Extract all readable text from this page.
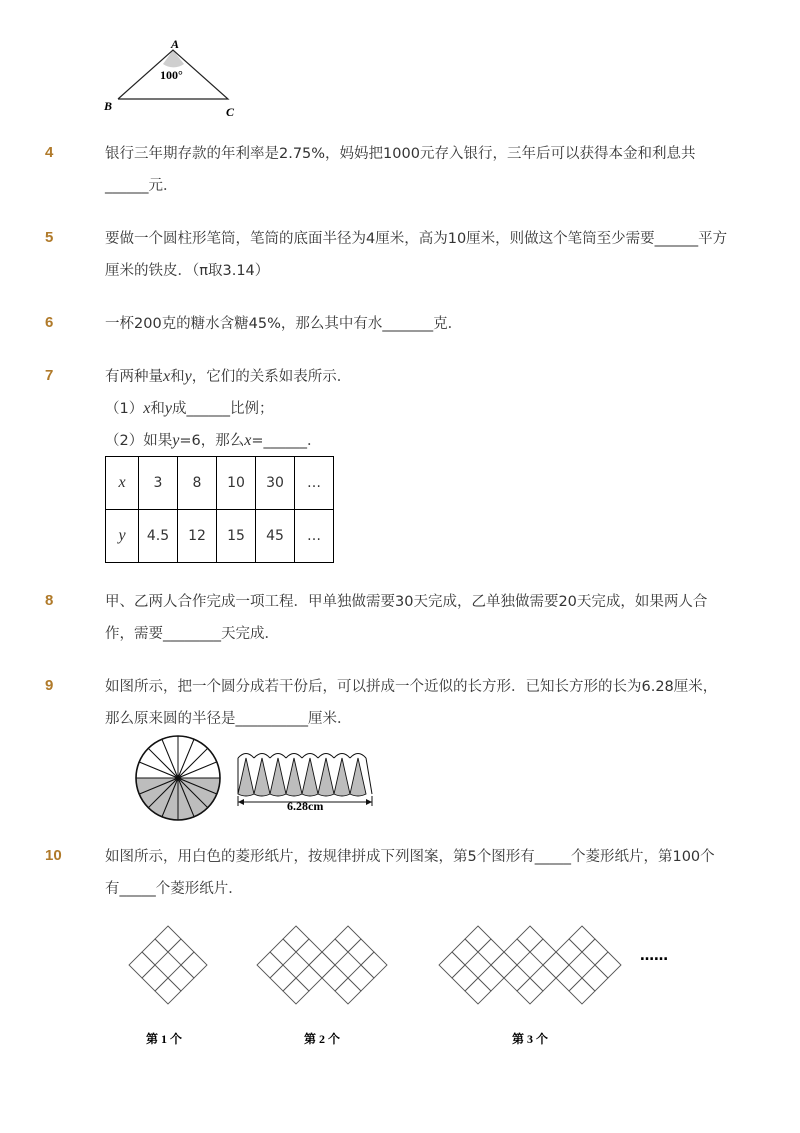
A
100°
B	C
4	银行三年期存款的年利率是2.75%，妈妈把1000元存入银行，三年后可以获得本金和利息共
______元．
5	要做一个圆柱形笔筒，笔筒的底面半径为4厘米，高为10厘米，则做这个笔筒至少需要______平方
厘米的铁皮．（π取3.14）
6	一杯200克的糖水含糖45%，那么其中有水_______克．
7	有两种量x和y，它们的关系如表所示．
（1）x和y成______比例；
（2）如果y=6，那么x=______．
x	3	8	10	30	…
y	4.5	12	15	45	…
8	甲、乙两人合作完成一项工程．甲单独做需要30天完成，乙单独做需要20天完成，如果两人合
作，需要________天完成．
9	如图所示，把一个圆分成若干份后，可以拼成一个近似的长方形．已知长方形的长为6.28厘米，
那么原来圆的半径是__________厘米．
6.28cm
10	如图所示，用白色的菱形纸片，按规律拼成下列图案，第5个图形有_____个菱形纸片，第100个
有_____个菱形纸片．
……
第 1 个	第 2 个	第 3 个
